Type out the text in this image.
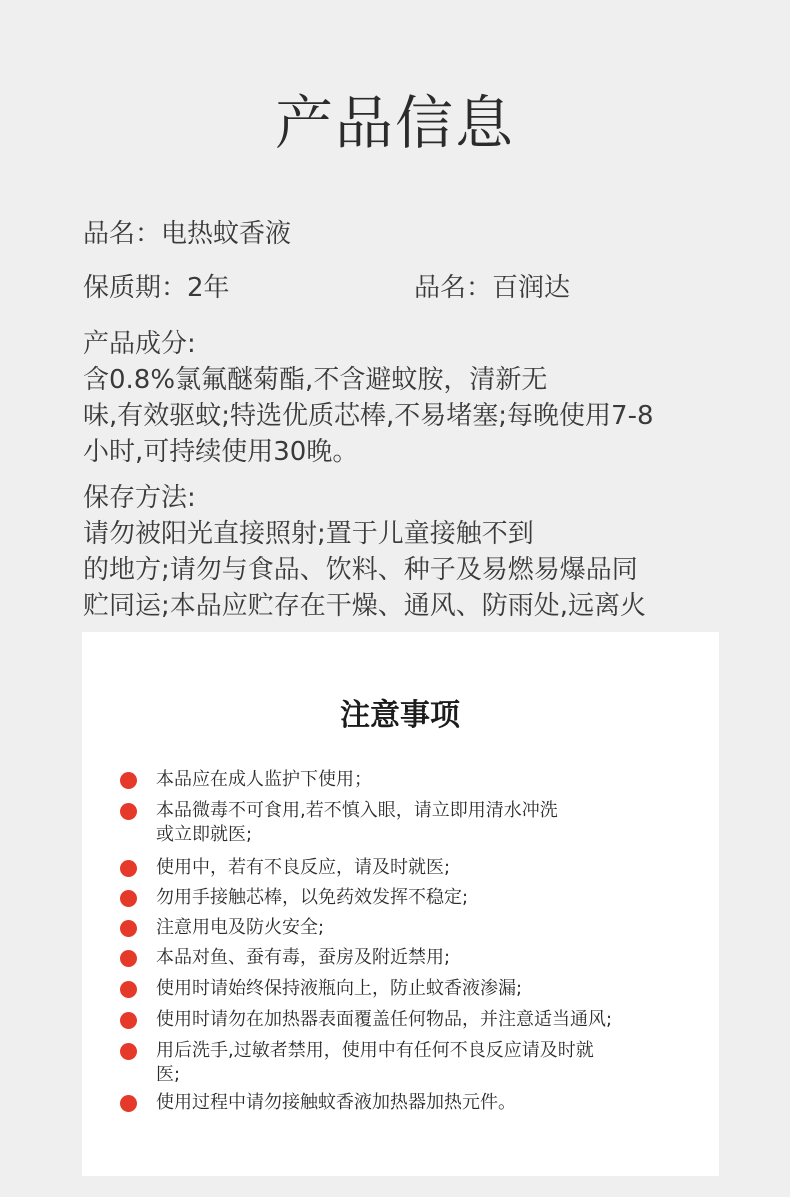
产品信息

品名：电热蚊香液

保质期：2年	品名：百润达

产品成分:

含0.8%氯氟醚菊酯,不含避蚊胺，清新无

味,有效驱蚊;特选优质芯棒,不易堵塞;每晚使用7-8

小时,可持续使用30晚。

保存方法:

请勿被阳光直接照射;置于儿童接触不到

的地方;请勿与食品、饮料、种子及易燃易爆品同

贮同运;本品应贮存在干燥、通风、防雨处,远离火

注意事项
本品应在成人监护下使用；
本品微毒不可食用,若不慎入眼，请立即用清水冲洗
或立即就医;
使用中，若有不良反应，请及时就医;
勿用手接触芯棒，以免药效发挥不稳定;
注意用电及防火安全;
本品对鱼、蚕有毒，蚕房及附近禁用;
使用时请始终保持液瓶向上，防止蚊香液渗漏;
使用时请勿在加热器表面覆盖任何物品，并注意适当通风;
用后洗手,过敏者禁用，使用中有任何不良反应请及时就
医;
使用过程中请勿接触蚊香液加热器加热元件。
